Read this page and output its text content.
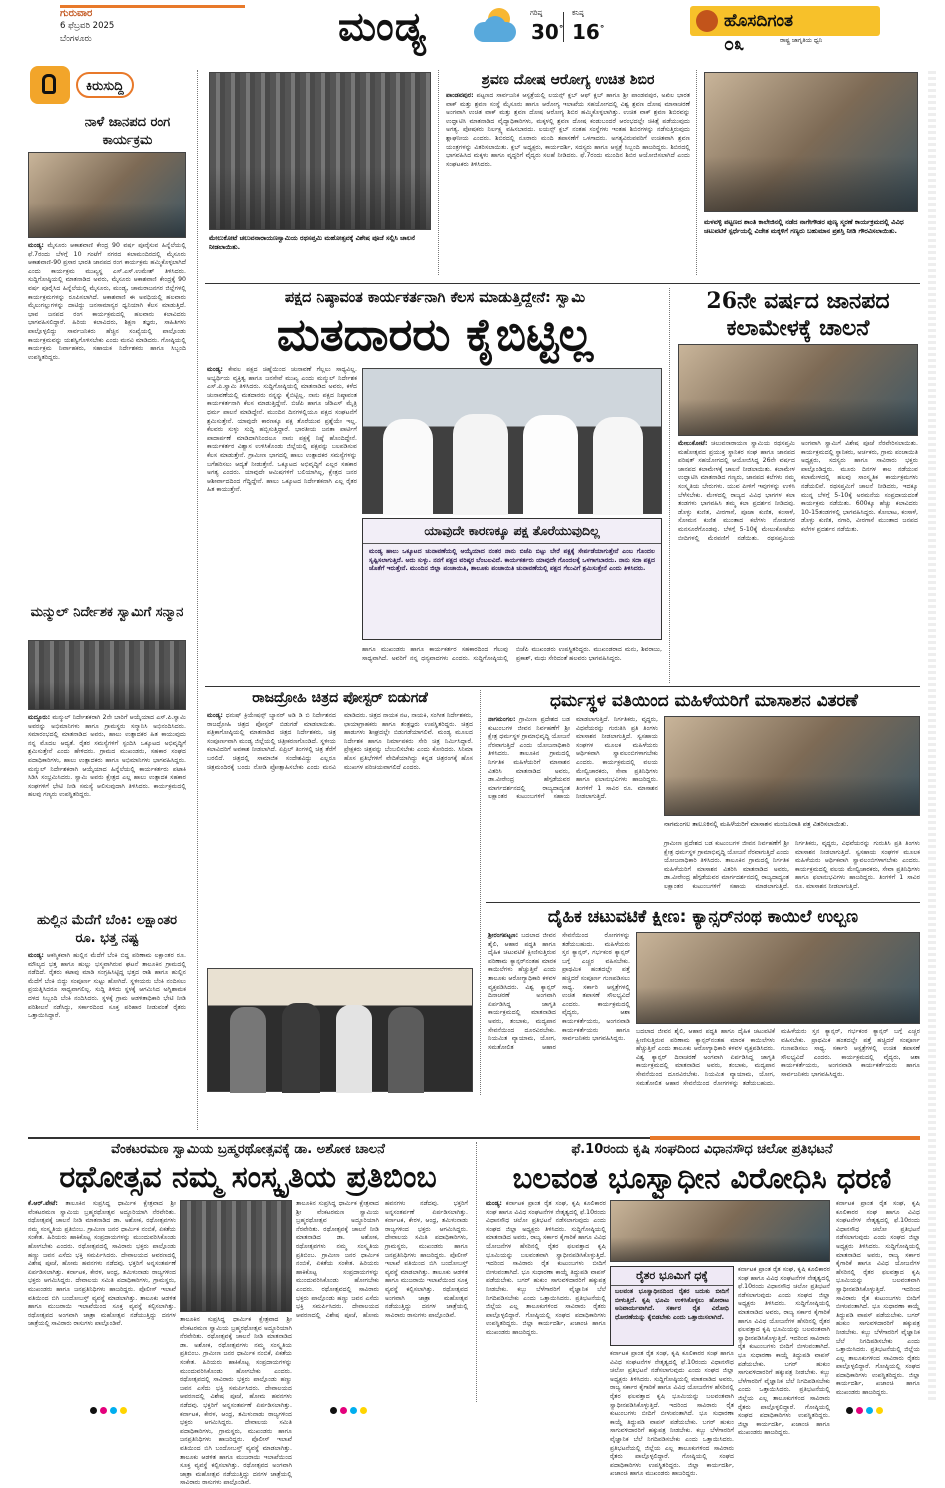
ಗುರುವಾರ
6 ಫೆಬ್ರವರಿ 2025
ಬೆಂಗಳೂರು	ಮಂಡ್ಯ	ಗರಿಷ್ಠ
30°
ಕನಿಷ್ಠ
16°	ಹೊಸದಿಗಂತ
ರಾಷ್ಟ್ರ ಜಾಗೃತಿಯ ಧ್ವನಿ
೦೩
ಕಿರುಸುದ್ದಿ
ನಾಳೆ ಜಾನಪದ ರಂಗ ಕಾರ್ಯಕ್ರಮ
ಮಂಡ್ಯ: ಮೈಸೂರು ಆಕಾಶವಾಣಿ ಕೇಂದ್ರ 90 ವರ್ಷ ಪೂರೈಸುವ ಹಿನ್ನೆಲೆಯಲ್ಲಿ ಫೆ.7ರಂದು ಬೆಳಗ್ಗೆ 10 ಗಂಟೆಗೆ ನಗರದ ಕಲಾಮಂದಿರದಲ್ಲಿ ಮೈಸೂರು ಆಕಾಶವಾಣಿ-90 ಪ್ರಸಾರ ಭಾರತಿ ಜಾನಪದ ರಂಗ ಕಾರ್ಯಕ್ರಮ ಹಮ್ಮಿಕೊಳ್ಳಲಾಗಿದೆ ಎಂದು ಕಾರ್ಯಕ್ರಮ ಮುಖ್ಯಸ್ಥ ಎಸ್.ಎಸ್.ಉಮೇಶ್ ತಿಳಿಸಿದರು. ಸುದ್ದಿಗೋಷ್ಠಿಯಲ್ಲಿ ಮಾತನಾಡಿದ ಅವರು, ಮೈಸೂರು ಆಕಾಶವಾಣಿ ಕೇಂದ್ರಕ್ಕೆ 90 ವರ್ಷ ಪೂರೈಸಿದ ಹಿನ್ನೆಲೆಯಲ್ಲಿ ಮೈಸೂರು, ಮಂಡ್ಯ, ಚಾಮರಾಜನಗರ ಜಿಲ್ಲೆಗಳಲ್ಲಿ ಕಾರ್ಯಕ್ರಮಗಳನ್ನು ರೂಪಿಸಲಾಗಿದೆ. ಆಕಾಶವಾಣಿ ಈ ಅವಧಿಯಲ್ಲಿ ಹಲವಾರು ಮೈಲುಗಲ್ಲುಗಳನ್ನು ದಾಟಿದ್ದು ಜನಸಾಮಾನ್ಯರ ಧ್ವನಿಯಾಗಿ ಕೆಲಸ ಮಾಡುತ್ತಿದೆ. ಭಾವ ಜನಪದ ರಂಗ ಕಾರ್ಯಕ್ರಮದಲ್ಲಿ ಹಲವಾರು ಕಲಾವಿದರು ಭಾಗವಹಿಸಲಿದ್ದಾರೆ. ಹಿರಿಯ ಕಲಾವಿದರು, ಶಿಕ್ಷಣ ತಜ್ಞರು, ಸಾಹಿತಿಗಳು ಪಾಲ್ಗೊಳ್ಳಲಿದ್ದು ಸಾರ್ವಜನಿಕರು ಹೆಚ್ಚಿನ ಸಂಖ್ಯೆಯಲ್ಲಿ ಪಾಲ್ಗೊಂಡು ಕಾರ್ಯಕ್ರಮವನ್ನು ಯಶಸ್ವಿಗೊಳಿಸಬೇಕು ಎಂದು ಮನವಿ ಮಾಡಿದರು. ಗೋಷ್ಠಿಯಲ್ಲಿ ಕಾರ್ಯಕ್ರಮ ನಿರ್ವಾಹಕರು, ಸಹಾಯಕ ನಿರ್ದೇಶಕರು ಹಾಗೂ ಸಿಬ್ಬಂದಿ ಉಪಸ್ಥಿತರಿದ್ದರು.
ಮನ್ಮುಲ್ ನಿರ್ದೇಶಕ ಸ್ವಾಮಿಗೆ ಸನ್ಮಾನ
ಮದ್ದೂರು: ಮನ್ಮುಲ್ ನಿರ್ದೇಶಕರಾಗಿ 2ನೇ ಬಾರಿಗೆ ಆಯ್ಕೆಯಾದ ಎಸ್.ಪಿ.ಸ್ವಾಮಿ ಅವರನ್ನು ಅಭಿಮಾನಿಗಳು ಹಾಗೂ ಗ್ರಾಮಸ್ಥರು ಸನ್ಮಾನಿಸಿ ಅಭಿನಂದಿಸಿದರು. ಸಮಾರಂಭದಲ್ಲಿ ಮಾತನಾಡಿದ ಅವರು, ಹಾಲು ಉತ್ಪಾದಕರ ಹಿತ ಕಾಯುವುದು ನನ್ನ ಮೊದಲ ಆದ್ಯತೆ. ರೈತರ ಸಮಸ್ಯೆಗಳಿಗೆ ಸ್ಪಂದಿಸಿ ಒಕ್ಕೂಟದ ಅಭಿವೃದ್ಧಿಗೆ ಶ್ರಮಿಸುತ್ತೇನೆ ಎಂದು ಹೇಳಿದರು. ಗ್ರಾಮದ ಮುಖಂಡರು, ಸಹಕಾರ ಸಂಘದ ಪದಾಧಿಕಾರಿಗಳು, ಹಾಲು ಉತ್ಪಾದಕರು ಹಾಗೂ ಅಭಿಮಾನಿಗಳು ಭಾಗವಹಿಸಿದ್ದರು. ಮನ್ಮುಲ್ ನಿರ್ದೇಶಕರಾಗಿ ಆಯ್ಕೆಯಾದ ಹಿನ್ನೆಲೆಯಲ್ಲಿ ಕಾರ್ಯಕರ್ತರು ಪಟಾಕಿ ಸಿಡಿಸಿ ಸಂಭ್ರಮಿಸಿದರು. ಸ್ವಾಮಿ ಅವರು ಕ್ಷೇತ್ರದ ಎಲ್ಲ ಹಾಲು ಉತ್ಪಾದಕ ಸಹಕಾರ ಸಂಘಗಳಿಗೆ ಭೇಟಿ ನೀಡಿ ಸಮಸ್ಯೆ ಆಲಿಸುವುದಾಗಿ ತಿಳಿಸಿದರು. ಕಾರ್ಯಕ್ರಮದಲ್ಲಿ ಹಲವು ಗಣ್ಯರು ಉಪಸ್ಥಿತರಿದ್ದರು.
ಹುಲ್ಲಿನ ಮೆದೆಗೆ ಬೆಂಕಿ: ಲಕ್ಷಾಂತರ ರೂ. ಭತ್ತ ನಷ್ಟ
ಮಂಡ್ಯ: ಆಕಸ್ಮಿಕವಾಗಿ ಹುಲ್ಲಿನ ಮೆದೆಗೆ ಬೆಂಕಿ ಬಿದ್ದ ಪರಿಣಾಮ ಲಕ್ಷಾಂತರ ರೂ. ಮೌಲ್ಯದ ಭತ್ತ ಹಾಗೂ ಹುಲ್ಲು ಭಸ್ಮವಾಗಿರುವ ಘಟನೆ ತಾಲೂಕಿನ ಗ್ರಾಮದಲ್ಲಿ ನಡೆದಿದೆ. ರೈತರು ಕಟಾವು ಮಾಡಿ ಸಂಗ್ರಹಿಸಿಟ್ಟಿದ್ದ ಭತ್ತದ ರಾಶಿ ಹಾಗೂ ಹುಲ್ಲಿನ ಮೆದೆಗೆ ಬೆಂಕಿ ಬಿದ್ದು ಸಂಪೂರ್ಣ ಸುಟ್ಟು ಹೋಗಿದೆ. ಸ್ಥಳೀಯರು ಬೆಂಕಿ ನಂದಿಸಲು ಪ್ರಯತ್ನಿಸಿದರೂ ಸಾಧ್ಯವಾಗಲಿಲ್ಲ. ಸುದ್ದಿ ತಿಳಿದು ಸ್ಥಳಕ್ಕೆ ಆಗಮಿಸಿದ ಅಗ್ನಿಶಾಮಕ ದಳದ ಸಿಬ್ಬಂದಿ ಬೆಂಕಿ ನಂದಿಸಿದರು. ಸ್ಥಳಕ್ಕೆ ಗ್ರಾಮ ಆಡಳಿತಾಧಿಕಾರಿ ಭೇಟಿ ನೀಡಿ ಪರಿಶೀಲನೆ ನಡೆಸಿದ್ದು, ಸರ್ಕಾರದಿಂದ ಸೂಕ್ತ ಪರಿಹಾರ ನೀಡುವಂತೆ ರೈತರು ಒತ್ತಾಯಿಸಿದ್ದಾರೆ.
ಮೇಲುಕೋಟೆ ಚಲುವನಾರಾಯಣಸ್ವಾಮಿಯ ರಥಸಪ್ತಮಿ ಮಹೋತ್ಸವಕ್ಕೆ ವಿಶೇಷ ಪೂಜೆ ಸಲ್ಲಿಸಿ ಚಾಲನೆ ನೀಡಲಾಯಿತು.
ಶ್ರವಣ ದೋಷ ಆರೋಗ್ಯ ಉಚಿತ ಶಿಬಿರ
ಪಾಂಡವಪುರ: ಪಟ್ಟಣದ ಸಾರ್ವಜನಿಕ ಆಸ್ಪತ್ರೆಯಲ್ಲಿ ಲಯನ್ಸ್ ಕ್ಲಬ್ ಆಫ್ ಕ್ಲಬ್ ಹಾಗೂ ಶ್ರೀ ಪಾಂಡವಪುರ, ಅಖಿಲ ಭಾರತ ವಾಕ್ ಮತ್ತು ಶ್ರವಣ ಸಂಸ್ಥೆ ಮೈಸೂರು ಹಾಗೂ ಆರೋಗ್ಯ ಇಲಾಖೆಯ ಸಹಯೋಗದಲ್ಲಿ ವಿಶ್ವ ಶ್ರವಣ ದೋಷ ಮಾಸಾಚರಣೆ ಅಂಗವಾಗಿ ಉಚಿತ ವಾಕ್ ಮತ್ತು ಶ್ರವಣ ದೋಷ ಆರೋಗ್ಯ ಶಿಬಿರ ಹಮ್ಮಿಕೊಳ್ಳಲಾಗಿತ್ತು. ಉಚಿತ ವಾಕ್ ಶ್ರವಣ ಶಿಬಿರವನ್ನು ಉದ್ಘಾಟಿಸಿ ಮಾತನಾಡಿದ ವೈದ್ಯಾಧಿಕಾರಿಗಳು, ಮಕ್ಕಳಲ್ಲಿ ಶ್ರವಣ ದೋಷ ಕಂಡುಬಂದರೆ ಆರಂಭದಲ್ಲೇ ಚಿಕಿತ್ಸೆ ಪಡೆಯುವುದು ಅಗತ್ಯ. ಪೋಷಕರು ನಿರ್ಲಕ್ಷ್ಯ ವಹಿಸಬಾರದು. ಲಯನ್ಸ್ ಕ್ಲಬ್ ನಂತಹ ಸಂಸ್ಥೆಗಳು ಇಂತಹ ಶಿಬಿರಗಳನ್ನು ನಡೆಸುತ್ತಿರುವುದು ಶ್ಲಾಘನೀಯ ಎಂದರು. ಶಿಬಿರದಲ್ಲಿ ನೂರಾರು ಮಂದಿ ತಪಾಸಣೆಗೆ ಒಳಗಾದರು. ಅಗತ್ಯವಿರುವವರಿಗೆ ಉಚಿತವಾಗಿ ಶ್ರವಣ ಯಂತ್ರಗಳನ್ನು ವಿತರಿಸಲಾಯಿತು. ಕ್ಲಬ್ ಅಧ್ಯಕ್ಷರು, ಕಾರ್ಯದರ್ಶಿ, ಸದಸ್ಯರು ಹಾಗೂ ಆಸ್ಪತ್ರೆ ಸಿಬ್ಬಂದಿ ಹಾಜರಿದ್ದರು. ಶಿಬಿರದಲ್ಲಿ ಭಾಗವಹಿಸಿದ ಮಕ್ಕಳು ಹಾಗೂ ವೃದ್ಧರಿಗೆ ವೈದ್ಯರು ಸಲಹೆ ನೀಡಿದರು. ಫೆ.7ರಂದು ಮುಂದಿನ ಶಿಬಿರ ಆಯೋಜಿಸಲಾಗಿದೆ ಎಂದು ಸಂಘಟಕರು ತಿಳಿಸಿದರು.
ಮಳವಳ್ಳಿ ಪಟ್ಟಣದ ಶಾಂತಿ ಕಾಲೇಜಿನಲ್ಲಿ ನಡೆದ ನಾಗೇಗೌಡರ ಪುಣ್ಯ ಸ್ಮರಣೆ ಕಾರ್ಯಕ್ರಮದಲ್ಲಿ ವಿವಿಧ ಚಟುವಟಿಕೆ ಸ್ಪರ್ಧೆಯಲ್ಲಿ ವಿಜೇತ ಮಕ್ಕಳಿಗೆ ಗಣ್ಯರು ಬಹುಮಾನ ಪ್ರಶಸ್ತಿ ನೀಡಿ ಗೌರವಿಸಲಾಯಿತು.
ಪಕ್ಷದ ನಿಷ್ಠಾವಂತ ಕಾರ್ಯಕರ್ತನಾಗಿ ಕೆಲಸ ಮಾಡುತ್ತಿದ್ದೇನೆ: ಸ್ವಾಮಿ
ಮತದಾರರು ಕೈಬಿಟ್ಟಿಲ್ಲ
ಮಂಡ್ಯ: ಕೇವಲ ಪಕ್ಷದ ಚಿಹ್ನೆಯಿಂದ ಚುನಾವಣೆ ಗೆಲ್ಲಲು ಸಾಧ್ಯವಿಲ್ಲ. ಅಭ್ಯರ್ಥಿಯ ವ್ಯಕ್ತಿತ್ವ ಹಾಗೂ ಜನಸೇವೆ ಮುಖ್ಯ ಎಂದು ಮನ್ಮುಲ್ ನಿರ್ದೇಶಕ ಎಸ್.ಪಿ.ಸ್ವಾಮಿ ತಿಳಿಸಿದರು. ಸುದ್ದಿಗೋಷ್ಠಿಯಲ್ಲಿ ಮಾತನಾಡಿದ ಅವರು, ಕಳೆದ ಚುನಾವಣೆಯಲ್ಲಿ ಮತದಾರರು ನನ್ನನ್ನು ಕೈಬಿಟ್ಟಿಲ್ಲ. ನಾನು ಪಕ್ಷದ ನಿಷ್ಠಾವಂತ ಕಾರ್ಯಕರ್ತನಾಗಿ ಕೆಲಸ ಮಾಡುತ್ತಿದ್ದೇನೆ. ಬಿಜೆಪಿ ಹಾಗೂ ಜೆಡಿಎಸ್ ಮೈತ್ರಿ ಧರ್ಮ ಪಾಲನೆ ಮಾಡಿದ್ದೇನೆ. ಮುಂದಿನ ದಿನಗಳಲ್ಲಿಯೂ ಪಕ್ಷದ ಸಂಘಟನೆಗೆ ಶ್ರಮಿಸುತ್ತೇನೆ. ಯಾವುದೇ ಕಾರಣಕ್ಕೂ ಪಕ್ಷ ತೊರೆಯುವ ಪ್ರಶ್ನೆಯೇ ಇಲ್ಲ. ಕೆಲವರು ಸುಳ್ಳು ಸುದ್ದಿ ಹಬ್ಬಿಸುತ್ತಿದ್ದಾರೆ. ಭಾರತೀಯ ಜನತಾ ಪಾರ್ಟಿಗೆ ಪಾದಾರ್ಪಣೆ ಮಾಡಿದಾಗಿನಿಂದಲೂ ನಾನು ಪಕ್ಷಕ್ಕೆ ನಿಷ್ಠೆ ಹೊಂದಿದ್ದೇನೆ. ಕಾರ್ಯಕರ್ತರ ವಿಶ್ವಾಸ ಉಳಿಸಿಕೊಂಡು ಜಿಲ್ಲೆಯಲ್ಲಿ ಪಕ್ಷವನ್ನು ಬಲಪಡಿಸುವ ಕೆಲಸ ಮಾಡುತ್ತೇನೆ. ಗ್ರಾಮೀಣ ಭಾಗದಲ್ಲಿ ಹಾಲು ಉತ್ಪಾದಕರ ಸಮಸ್ಯೆಗಳನ್ನು ಬಗೆಹರಿಸಲು ಆದ್ಯತೆ ನೀಡುತ್ತೇನೆ. ಒಕ್ಕೂಟದ ಅಭಿವೃದ್ಧಿಗೆ ಎಲ್ಲರ ಸಹಕಾರ ಅಗತ್ಯ ಎಂದರು. ಯಾವುದೇ ಆಮಿಷಗಳಿಗೆ ಬಲಿಯಾಗಿಲ್ಲ, ಕ್ಷೇತ್ರದ ಜನರ ಆಶೀರ್ವಾದದಿಂದ ಗೆದ್ದಿದ್ದೇನೆ. ಹಾಲು ಒಕ್ಕೂಟದ ನಿರ್ದೇಶಕನಾಗಿ ಎಲ್ಲ ರೈತರ ಹಿತ ಕಾಯುತ್ತೇನೆ.
ಯಾವುದೇ ಕಾರಣಕ್ಕೂ ಪಕ್ಷ ತೊರೆಯುವುದಿಲ್ಲ
ಮಂಡ್ಯ ಹಾಲು ಒಕ್ಕೂಟದ ಚುನಾವಣೆಯಲ್ಲಿ ಆಯ್ಕೆಯಾದ ನಂತರ ನಾನು ಬಿಜೆಪಿ ಬಿಟ್ಟು ಬೇರೆ ಪಕ್ಷಕ್ಕೆ ಸೇರ್ಪಡೆಯಾಗುತ್ತೇನೆ ಎಂಬ ಗೊಂದಲ ಸೃಷ್ಟಿಸಲಾಗುತ್ತಿದೆ. ಅದು ಸುಳ್ಳು. ನನಗೆ ಪಕ್ಷದ ವರಿಷ್ಠರ ಬೆಂಬಲವಿದೆ. ಕಾರ್ಯಕರ್ತರು ಯಾವುದೇ ಗೊಂದಲಕ್ಕೆ ಒಳಗಾಗಬಾರದು. ನಾನು ಸದಾ ಪಕ್ಷದ ಜೊತೆಗೆ ಇರುತ್ತೇನೆ. ಮುಂದಿನ ಜಿಲ್ಲಾ ಪಂಚಾಯಿತಿ, ತಾಲೂಕು ಪಂಚಾಯಿತಿ ಚುನಾವಣೆಯಲ್ಲಿ ಪಕ್ಷದ ಗೆಲುವಿಗೆ ಶ್ರಮಿಸುತ್ತೇನೆ ಎಂದು ತಿಳಿಸಿದರು.
ಹಾಗೂ ಮುಖಂಡರು ಹಾಗೂ ಕಾರ್ಯಕರ್ತರ ಸಹಕಾರದಿಂದ ಗೆಲುವು ಸಾಧ್ಯವಾಗಿದೆ. ಅವರಿಗೆ ನನ್ನ ಧನ್ಯವಾದಗಳು ಎಂದರು. ಸುದ್ದಿಗೋಷ್ಠಿಯಲ್ಲಿ ಬಿಜೆಪಿ ಮುಖಂಡರು ಉಪಸ್ಥಿತರಿದ್ದರು. ಮುಖಂಡರಾದ ಮನು, ಶಿವರಾಜು, ಪ್ರಕಾಶ್, ಮಧು ಸೇರಿದಂತೆ ಹಲವರು ಭಾಗವಹಿಸಿದ್ದರು.
26ನೇ ವರ್ಷದ ಜಾನಪದ ಕಲಾಮೇಳಕ್ಕೆ ಚಾಲನೆ
ಮೇಲುಕೋಟೆ: ಚಲುವನಾರಾಯಣ ಸ್ವಾಮಿಯ ರಥಸಪ್ತಮಿ ಮಹೋತ್ಸವದ ಪ್ರಯುಕ್ತ ಸ್ಥಾನಿಕರ ಸಂಘ ಹಾಗೂ ಜಾನಪದ ಪರಿಷತ್ ಸಹಯೋಗದಲ್ಲಿ ಆಯೋಜಿಸಿದ್ದ 26ನೇ ವರ್ಷದ ಜಾನಪದ ಕಲಾಮೇಳಕ್ಕೆ ಚಾಲನೆ ನೀಡಲಾಯಿತು. ಕಲಾಮೇಳ ಉದ್ಘಾಟಿಸಿ ಮಾತನಾಡಿದ ಗಣ್ಯರು, ಜಾನಪದ ಕಲೆಗಳು ನಮ್ಮ ಸಂಸ್ಕೃತಿಯ ಬೇರುಗಳು. ಯುವ ಪೀಳಿಗೆ ಇವುಗಳನ್ನು ಉಳಿಸಿ ಬೆಳೆಸಬೇಕು. ಮೇಳದಲ್ಲಿ ರಾಜ್ಯದ ವಿವಿಧ ಭಾಗಗಳ ಕಲಾ ತಂಡಗಳು ಭಾಗವಹಿಸಿ ತಮ್ಮ ಕಲಾ ಪ್ರದರ್ಶನ ನೀಡಿದವು. ಡೊಳ್ಳು ಕುಣಿತ, ವೀರಗಾಸೆ, ಪೂಜಾ ಕುಣಿತ, ಕಂಸಾಳೆ, ಸೋಮನ ಕುಣಿತ ಮುಂತಾದ ಕಲೆಗಳು ನೋಡುಗರ ಮನಸೂರೆಗೊಂಡವು. ಬೆಳಗ್ಗೆ 5-10ಕ್ಕೆ ಮೇಲುಕೋಟೆಯ ಬೀದಿಗಳಲ್ಲಿ ಮೆರವಣಿಗೆ ನಡೆಯಿತು. ರಥಸಪ್ತಮಿಯ ಅಂಗವಾಗಿ ಸ್ವಾಮಿಗೆ ವಿಶೇಷ ಪೂಜೆ ನೆರವೇರಿಸಲಾಯಿತು. ಕಾರ್ಯಕ್ರಮದಲ್ಲಿ ಸ್ಥಾನಿಕರು, ಅರ್ಚಕರು, ಗ್ರಾಮ ಪಂಚಾಯಿತಿ ಅಧ್ಯಕ್ಷರು, ಸದಸ್ಯರು ಹಾಗೂ ಸಾವಿರಾರು ಭಕ್ತರು ಪಾಲ್ಗೊಂಡಿದ್ದರು. ಮೂರು ದಿನಗಳ ಕಾಲ ನಡೆಯುವ ಕಲಾಮೇಳದಲ್ಲಿ ಹಲವು ಸಾಂಸ್ಕೃತಿಕ ಕಾರ್ಯಕ್ರಮಗಳು ನಡೆಯಲಿವೆ. ರಥಸಪ್ತಮಿಗೆ ಚಾಲನೆ ನೀಡಿದರು, ಇದಕ್ಕೂ ಮುನ್ನ ಬೆಳಗ್ಗೆ 5-10ಕ್ಕೆ ಅರಮನೆಯ ಸಂಪ್ರದಾಯದಂತೆ ಕಾರ್ಯಕ್ರಮ ನಡೆಯಿತು. 600ಕ್ಕೂ ಹೆಚ್ಚು ಕಲಾವಿದರು 10-15ತಂಡಗಳಲ್ಲಿ ಭಾಗವಹಿಸಿದ್ದರು. ಕೋಲಾಟ, ಕಂಸಾಳೆ, ಡೊಳ್ಳು ಕುಣಿತ, ನಗಾರಿ, ವೀರಗಾಸೆ ಮುಂತಾದ ಜನಪದ ಕಲೆಗಳ ಪ್ರದರ್ಶನ ನಡೆಯಿತು.
ರಾಜದ್ರೋಹಿ ಚಿತ್ರದ ಪೋಸ್ಟರ್ ಬಿಡುಗಡೆ
ಮಂಡ್ಯ: ಧನುಷ್ ಕ್ರಿಯೇಷನ್ಸ್ ಬ್ಯಾನರ್ ಅಡಿ ಡಿ ಬಿ ನಿರ್ದೇಶನದ ರಾಜದ್ರೋಹಿ ಚಿತ್ರದ ಪೋಸ್ಟರ್ ಬಿಡುಗಡೆ ಮಾಡಲಾಯಿತು. ಪತ್ರಿಕಾಗೋಷ್ಠಿಯಲ್ಲಿ ಮಾತನಾಡಿದ ಚಿತ್ರದ ನಿರ್ದೇಶಕರು, ಚಿತ್ರ ಸಂಪೂರ್ಣವಾಗಿ ಮಂಡ್ಯ ಜಿಲ್ಲೆಯಲ್ಲಿ ಚಿತ್ರೀಕರಣಗೊಂಡಿದೆ. ಸ್ಥಳೀಯ ಕಲಾವಿದರಿಗೆ ಅವಕಾಶ ನೀಡಲಾಗಿದೆ. ಏಪ್ರಿಲ್ ತಿಂಗಳಲ್ಲಿ ಚಿತ್ರ ತೆರೆಗೆ ಬರಲಿದೆ. ಚಿತ್ರದಲ್ಲಿ ಸಾಮಾಜಿಕ ಸಂದೇಶವಿದ್ದು ಎಲ್ಲರೂ ಚಿತ್ರಮಂದಿರಕ್ಕೆ ಬಂದು ನೋಡಿ ಪ್ರೋತ್ಸಾಹಿಸಬೇಕು ಎಂದು ಮನವಿ ಮಾಡಿದರು. ಚಿತ್ರದ ನಾಯಕ ನಟ, ನಾಯಕಿ, ಸಂಗೀತ ನಿರ್ದೇಶಕರು, ಛಾಯಾಗ್ರಾಹಕರು ಹಾಗೂ ತಂತ್ರಜ್ಞರು ಉಪಸ್ಥಿತರಿದ್ದರು. ಚಿತ್ರದ ಹಾಡುಗಳು ಶೀಘ್ರದಲ್ಲೇ ಬಿಡುಗಡೆಯಾಗಲಿವೆ. ಮಂಡ್ಯ ಮೂಲದ ನಿರ್ದೇಶಕ ಹಾಗೂ ನಿರ್ಮಾಪಕರು ಸೇರಿ ಚಿತ್ರ ನಿರ್ಮಿಸಿದ್ದಾರೆ. ಪ್ರೇಕ್ಷಕರು ಚಿತ್ರವನ್ನು ಬೆಂಬಲಿಸಬೇಕು ಎಂದು ಕೋರಿದರು. ಸಿನಿಮಾ ಹೊಸ ಪ್ರತಿಭೆಗಳಿಗೆ ವೇದಿಕೆಯಾಗಿದ್ದು ಕನ್ನಡ ಚಿತ್ರರಂಗಕ್ಕೆ ಹೊಸ ಮುಖಗಳ ಪರಿಚಯವಾಗಲಿದೆ ಎಂದರು.
ಧರ್ಮಸ್ಥಳ ವತಿಯಿಂದ ಮಹಿಳೆಯರಿಗೆ ಮಾಸಾಶನ ವಿತರಣೆ
ನಾಗಮಂಗಲ: ಗ್ರಾಮೀಣ ಪ್ರದೇಶದ ಬಡ ಕುಟುಂಬಗಳ ಜೀವನ ನಿರ್ವಹಣೆಗೆ ಶ್ರೀ ಕ್ಷೇತ್ರ ಧರ್ಮಸ್ಥಳ ಗ್ರಾಮಾಭಿವೃದ್ಧಿ ಯೋಜನೆ ನೆರವಾಗುತ್ತಿದೆ ಎಂದು ಯೋಜನಾಧಿಕಾರಿ ತಿಳಿಸಿದರು. ತಾಲೂಕಿನ ಗ್ರಾಮದಲ್ಲಿ ನಿರ್ಗತಿಕ ಮಹಿಳೆಯರಿಗೆ ಮಾಸಾಶನ ವಿತರಿಸಿ ಮಾತನಾಡಿದ ಅವರು, ಡಾ.ವೀರೇಂದ್ರ ಹೆಗ್ಗಡೆಯವರ ಮಾರ್ಗದರ್ಶನದಲ್ಲಿ ರಾಜ್ಯದಾದ್ಯಂತ ಲಕ್ಷಾಂತರ ಕುಟುಂಬಗಳಿಗೆ ಸಹಾಯ ಮಾಡಲಾಗುತ್ತಿದೆ. ನಿರ್ಗತಿಕರು, ವೃದ್ಧರು, ವಿಧವೆಯರನ್ನು ಗುರುತಿಸಿ ಪ್ರತಿ ತಿಂಗಳು ಮಾಸಾಶನ ನೀಡಲಾಗುತ್ತಿದೆ. ಸ್ವಸಹಾಯ ಸಂಘಗಳ ಮೂಲಕ ಮಹಿಳೆಯರು ಆರ್ಥಿಕವಾಗಿ ಸ್ವಾವಲಂಬಿಗಳಾಗಬೇಕು ಎಂದರು. ಕಾರ್ಯಕ್ರಮದಲ್ಲಿ ವಲಯ ಮೇಲ್ವಿಚಾರಕರು, ಸೇವಾ ಪ್ರತಿನಿಧಿಗಳು ಹಾಗೂ ಫಲಾನುಭವಿಗಳು ಹಾಜರಿದ್ದರು. ತಿಂಗಳಿಗೆ 1 ಸಾವಿರ ರೂ. ಮಾಸಾಶನ ನೀಡಲಾಗುತ್ತಿದೆ.
ನಾಗಮಂಗಲ ತಾಲೂಕಿನಲ್ಲಿ ಮಹಿಳೆಯರಿಗೆ ಮಾಸಾಶನ ಮಂಜೂರಾತಿ ಪತ್ರ ವಿತರಿಸಲಾಯಿತು.
ಗ್ರಾಮೀಣ ಪ್ರದೇಶದ ಬಡ ಕುಟುಂಬಗಳ ಜೀವನ ನಿರ್ವಹಣೆಗೆ ಶ್ರೀ ಕ್ಷೇತ್ರ ಧರ್ಮಸ್ಥಳ ಗ್ರಾಮಾಭಿವೃದ್ಧಿ ಯೋಜನೆ ನೆರವಾಗುತ್ತಿದೆ ಎಂದು ಯೋಜನಾಧಿಕಾರಿ ತಿಳಿಸಿದರು. ತಾಲೂಕಿನ ಗ್ರಾಮದಲ್ಲಿ ನಿರ್ಗತಿಕ ಮಹಿಳೆಯರಿಗೆ ಮಾಸಾಶನ ವಿತರಿಸಿ ಮಾತನಾಡಿದ ಅವರು, ಡಾ.ವೀರೇಂದ್ರ ಹೆಗ್ಗಡೆಯವರ ಮಾರ್ಗದರ್ಶನದಲ್ಲಿ ರಾಜ್ಯದಾದ್ಯಂತ ಲಕ್ಷಾಂತರ ಕುಟುಂಬಗಳಿಗೆ ಸಹಾಯ ಮಾಡಲಾಗುತ್ತಿದೆ. ನಿರ್ಗತಿಕರು, ವೃದ್ಧರು, ವಿಧವೆಯರನ್ನು ಗುರುತಿಸಿ ಪ್ರತಿ ತಿಂಗಳು ಮಾಸಾಶನ ನೀಡಲಾಗುತ್ತಿದೆ. ಸ್ವಸಹಾಯ ಸಂಘಗಳ ಮೂಲಕ ಮಹಿಳೆಯರು ಆರ್ಥಿಕವಾಗಿ ಸ್ವಾವಲಂಬಿಗಳಾಗಬೇಕು ಎಂದರು. ಕಾರ್ಯಕ್ರಮದಲ್ಲಿ ವಲಯ ಮೇಲ್ವಿಚಾರಕರು, ಸೇವಾ ಪ್ರತಿನಿಧಿಗಳು ಹಾಗೂ ಫಲಾನುಭವಿಗಳು ಹಾಜರಿದ್ದರು. ತಿಂಗಳಿಗೆ 1 ಸಾವಿರ ರೂ. ಮಾಸಾಶನ ನೀಡಲಾಗುತ್ತಿದೆ.
ದೈಹಿಕ ಚಟುವಟಿಕೆ ಕ್ಷೀಣ: ಕ್ಯಾನ್ಸರ್‌ನಂಥ ಕಾಯಿಲೆ ಉಲ್ಬಣ
ಶ್ರೀರಂಗಪಟ್ಟಣ: ಬದಲಾದ ಜೀವನ ಶೈಲಿ, ಆಹಾರ ಪದ್ಧತಿ ಹಾಗೂ ದೈಹಿಕ ಚಟುವಟಿಕೆ ಕ್ಷೀಣಿಸುತ್ತಿರುವ ಪರಿಣಾಮ ಕ್ಯಾನ್ಸರ್‌ನಂತಹ ಮಾರಕ ಕಾಯಿಲೆಗಳು ಹೆಚ್ಚುತ್ತಿವೆ ಎಂದು ತಾಲೂಕು ಆರೋಗ್ಯಾಧಿಕಾರಿ ಕಳವಳ ವ್ಯಕ್ತಪಡಿಸಿದರು. ವಿಶ್ವ ಕ್ಯಾನ್ಸರ್ ದಿನಾಚರಣೆ ಅಂಗವಾಗಿ ಏರ್ಪಡಿಸಿದ್ದ ಜಾಗೃತಿ ಕಾರ್ಯಕ್ರಮದಲ್ಲಿ ಮಾತನಾಡಿದ ಅವರು, ತಂಬಾಕು, ಮದ್ಯಪಾನ ಸೇವನೆಯಿಂದ ದೂರವಿರಬೇಕು. ನಿಯಮಿತ ವ್ಯಾಯಾಮ, ಯೋಗ, ಸಮತೋಲಿತ ಆಹಾರ ಸೇವನೆಯಿಂದ ರೋಗಗಳನ್ನು ತಡೆಯಬಹುದು. ಮಹಿಳೆಯರು ಸ್ತನ ಕ್ಯಾನ್ಸರ್, ಗರ್ಭಕಂಠ ಕ್ಯಾನ್ಸರ್ ಬಗ್ಗೆ ಎಚ್ಚರ ವಹಿಸಬೇಕು. ಪ್ರಾಥಮಿಕ ಹಂತದಲ್ಲೇ ಪತ್ತೆ ಹಚ್ಚಿದರೆ ಸಂಪೂರ್ಣ ಗುಣಪಡಿಸಲು ಸಾಧ್ಯ. ಸರ್ಕಾರಿ ಆಸ್ಪತ್ರೆಗಳಲ್ಲಿ ಉಚಿತ ತಪಾಸಣೆ ಸೌಲಭ್ಯವಿದೆ ಎಂದರು. ಕಾರ್ಯಕ್ರಮದಲ್ಲಿ ವೈದ್ಯರು, ಆಶಾ ಕಾರ್ಯಕರ್ತೆಯರು, ಅಂಗನವಾಡಿ ಕಾರ್ಯಕರ್ತೆಯರು ಹಾಗೂ ಸಾರ್ವಜನಿಕರು ಭಾಗವಹಿಸಿದ್ದರು.
ಬದಲಾದ ಜೀವನ ಶೈಲಿ, ಆಹಾರ ಪದ್ಧತಿ ಹಾಗೂ ದೈಹಿಕ ಚಟುವಟಿಕೆ ಕ್ಷೀಣಿಸುತ್ತಿರುವ ಪರಿಣಾಮ ಕ್ಯಾನ್ಸರ್‌ನಂತಹ ಮಾರಕ ಕಾಯಿಲೆಗಳು ಹೆಚ್ಚುತ್ತಿವೆ ಎಂದು ತಾಲೂಕು ಆರೋಗ್ಯಾಧಿಕಾರಿ ಕಳವಳ ವ್ಯಕ್ತಪಡಿಸಿದರು. ವಿಶ್ವ ಕ್ಯಾನ್ಸರ್ ದಿನಾಚರಣೆ ಅಂಗವಾಗಿ ಏರ್ಪಡಿಸಿದ್ದ ಜಾಗೃತಿ ಕಾರ್ಯಕ್ರಮದಲ್ಲಿ ಮಾತನಾಡಿದ ಅವರು, ತಂಬಾಕು, ಮದ್ಯಪಾನ ಸೇವನೆಯಿಂದ ದೂರವಿರಬೇಕು. ನಿಯಮಿತ ವ್ಯಾಯಾಮ, ಯೋಗ, ಸಮತೋಲಿತ ಆಹಾರ ಸೇವನೆಯಿಂದ ರೋಗಗಳನ್ನು ತಡೆಯಬಹುದು. ಮಹಿಳೆಯರು ಸ್ತನ ಕ್ಯಾನ್ಸರ್, ಗರ್ಭಕಂಠ ಕ್ಯಾನ್ಸರ್ ಬಗ್ಗೆ ಎಚ್ಚರ ವಹಿಸಬೇಕು. ಪ್ರಾಥಮಿಕ ಹಂತದಲ್ಲೇ ಪತ್ತೆ ಹಚ್ಚಿದರೆ ಸಂಪೂರ್ಣ ಗುಣಪಡಿಸಲು ಸಾಧ್ಯ. ಸರ್ಕಾರಿ ಆಸ್ಪತ್ರೆಗಳಲ್ಲಿ ಉಚಿತ ತಪಾಸಣೆ ಸೌಲಭ್ಯವಿದೆ ಎಂದರು. ಕಾರ್ಯಕ್ರಮದಲ್ಲಿ ವೈದ್ಯರು, ಆಶಾ ಕಾರ್ಯಕರ್ತೆಯರು, ಅಂಗನವಾಡಿ ಕಾರ್ಯಕರ್ತೆಯರು ಹಾಗೂ ಸಾರ್ವಜನಿಕರು ಭಾಗವಹಿಸಿದ್ದರು.
ವೆಂಕಟರಮಣ ಸ್ವಾಮಿಯ ಬ್ರಹ್ಮರಥೋತ್ಸವಕ್ಕೆ ಡಾ. ಅಶೋಕ ಚಾಲನೆ
ರಥೋತ್ಸವ ನಮ್ಮ ಸಂಸ್ಕೃತಿಯ ಪ್ರತಿಬಿಂಬ
ಕೆ.ಆರ್.ಪೇಟೆ: ತಾಲೂಕಿನ ಸುಪ್ರಸಿದ್ಧ ಧಾರ್ಮಿಕ ಕ್ಷೇತ್ರವಾದ ಶ್ರೀ ವೆಂಕಟರಮಣ ಸ್ವಾಮಿಯ ಬ್ರಹ್ಮರಥೋತ್ಸವ ಅದ್ಧೂರಿಯಾಗಿ ನೆರವೇರಿತು. ರಥೋತ್ಸವಕ್ಕೆ ಚಾಲನೆ ನೀಡಿ ಮಾತನಾಡಿದ ಡಾ. ಅಶೋಕ, ರಥೋತ್ಸವಗಳು ನಮ್ಮ ಸಂಸ್ಕೃತಿಯ ಪ್ರತಿಬಿಂಬ. ಗ್ರಾಮೀಣ ಜನರ ಧಾರ್ಮಿಕ ನಂಬಿಕೆ, ಏಕತೆಯ ಸಂಕೇತ. ಹಿರಿಯರು ಹಾಕಿಕೊಟ್ಟ ಸಂಪ್ರದಾಯಗಳನ್ನು ಮುಂದುವರಿಸಿಕೊಂಡು ಹೋಗಬೇಕು ಎಂದರು. ರಥೋತ್ಸವದಲ್ಲಿ ಸಾವಿರಾರು ಭಕ್ತರು ಪಾಲ್ಗೊಂಡು ಹಣ್ಣು ಜವನ ಎಸೆದು ಭಕ್ತಿ ಸಮರ್ಪಿಸಿದರು. ದೇವಾಲಯದ ಆವರಣದಲ್ಲಿ ವಿಶೇಷ ಪೂಜೆ, ಹೋಮ ಹವನಗಳು ನಡೆದವು. ಭಕ್ತರಿಗೆ ಅನ್ನಸಂತರ್ಪಣೆ ಏರ್ಪಡಿಸಲಾಗಿತ್ತು. ಕರ್ನಾಟಕ, ಕೇರಳ, ಆಂಧ್ರ, ತಮಿಳುನಾಡು ರಾಜ್ಯಗಳಿಂದ ಭಕ್ತರು ಆಗಮಿಸಿದ್ದರು. ದೇವಾಲಯ ಸಮಿತಿ ಪದಾಧಿಕಾರಿಗಳು, ಗ್ರಾಮಸ್ಥರು, ಮುಖಂಡರು ಹಾಗೂ ಜನಪ್ರತಿನಿಧಿಗಳು ಹಾಜರಿದ್ದರು. ಪೊಲೀಸ್ ಇಲಾಖೆ ವತಿಯಿಂದ ಬಿಗಿ ಬಂದೋಬಸ್ತ್ ವ್ಯವಸ್ಥೆ ಮಾಡಲಾಗಿತ್ತು. ತಾಲೂಕು ಆಡಳಿತ ಹಾಗೂ ಮುಜರಾಯಿ ಇಲಾಖೆಯಿಂದ ಸೂಕ್ತ ವ್ಯವಸ್ಥೆ ಕಲ್ಪಿಸಲಾಗಿತ್ತು. ರಥೋತ್ಸವದ ಅಂಗವಾಗಿ ಜಾತ್ರಾ ಮಹೋತ್ಸವ ನಡೆಯುತ್ತಿದ್ದು ದನಗಳ ಜಾತ್ರೆಯಲ್ಲಿ ಸಾವಿರಾರು ರಾಸುಗಳು ಪಾಲ್ಗೊಂಡಿವೆ.
ತಾಲೂಕಿನ ಸುಪ್ರಸಿದ್ಧ ಧಾರ್ಮಿಕ ಕ್ಷೇತ್ರವಾದ ಶ್ರೀ ವೆಂಕಟರಮಣ ಸ್ವಾಮಿಯ ಬ್ರಹ್ಮರಥೋತ್ಸವ ಅದ್ಧೂರಿಯಾಗಿ ನೆರವೇರಿತು. ರಥೋತ್ಸವಕ್ಕೆ ಚಾಲನೆ ನೀಡಿ ಮಾತನಾಡಿದ ಡಾ. ಅಶೋಕ, ರಥೋತ್ಸವಗಳು ನಮ್ಮ ಸಂಸ್ಕೃತಿಯ ಪ್ರತಿಬಿಂಬ. ಗ್ರಾಮೀಣ ಜನರ ಧಾರ್ಮಿಕ ನಂಬಿಕೆ, ಏಕತೆಯ ಸಂಕೇತ. ಹಿರಿಯರು ಹಾಕಿಕೊಟ್ಟ ಸಂಪ್ರದಾಯಗಳನ್ನು ಮುಂದುವರಿಸಿಕೊಂಡು ಹೋಗಬೇಕು ಎಂದರು. ರಥೋತ್ಸವದಲ್ಲಿ ಸಾವಿರಾರು ಭಕ್ತರು ಪಾಲ್ಗೊಂಡು ಹಣ್ಣು ಜವನ ಎಸೆದು ಭಕ್ತಿ ಸಮರ್ಪಿಸಿದರು. ದೇವಾಲಯದ ಆವರಣದಲ್ಲಿ ವಿಶೇಷ ಪೂಜೆ, ಹೋಮ ಹವನಗಳು ನಡೆದವು. ಭಕ್ತರಿಗೆ ಅನ್ನಸಂತರ್ಪಣೆ ಏರ್ಪಡಿಸಲಾಗಿತ್ತು. ಕರ್ನಾಟಕ, ಕೇರಳ, ಆಂಧ್ರ, ತಮಿಳುನಾಡು ರಾಜ್ಯಗಳಿಂದ ಭಕ್ತರು ಆಗಮಿಸಿದ್ದರು. ದೇವಾಲಯ ಸಮಿತಿ ಪದಾಧಿಕಾರಿಗಳು, ಗ್ರಾಮಸ್ಥರು, ಮುಖಂಡರು ಹಾಗೂ ಜನಪ್ರತಿನಿಧಿಗಳು ಹಾಜರಿದ್ದರು. ಪೊಲೀಸ್ ಇಲಾಖೆ ವತಿಯಿಂದ ಬಿಗಿ ಬಂದೋಬಸ್ತ್ ವ್ಯವಸ್ಥೆ ಮಾಡಲಾಗಿತ್ತು. ತಾಲೂಕು ಆಡಳಿತ ಹಾಗೂ ಮುಜರಾಯಿ ಇಲಾಖೆಯಿಂದ ಸೂಕ್ತ ವ್ಯವಸ್ಥೆ ಕಲ್ಪಿಸಲಾಗಿತ್ತು. ರಥೋತ್ಸವದ ಅಂಗವಾಗಿ ಜಾತ್ರಾ ಮಹೋತ್ಸವ ನಡೆಯುತ್ತಿದ್ದು ದನಗಳ ಜಾತ್ರೆಯಲ್ಲಿ ಸಾವಿರಾರು ರಾಸುಗಳು ಪಾಲ್ಗೊಂಡಿವೆ.
ತಾಲೂಕಿನ ಸುಪ್ರಸಿದ್ಧ ಧಾರ್ಮಿಕ ಕ್ಷೇತ್ರವಾದ ಶ್ರೀ ವೆಂಕಟರಮಣ ಸ್ವಾಮಿಯ ಬ್ರಹ್ಮರಥೋತ್ಸವ ಅದ್ಧೂರಿಯಾಗಿ ನೆರವೇರಿತು. ರಥೋತ್ಸವಕ್ಕೆ ಚಾಲನೆ ನೀಡಿ ಮಾತನಾಡಿದ ಡಾ. ಅಶೋಕ, ರಥೋತ್ಸವಗಳು ನಮ್ಮ ಸಂಸ್ಕೃತಿಯ ಪ್ರತಿಬಿಂಬ. ಗ್ರಾಮೀಣ ಜನರ ಧಾರ್ಮಿಕ ನಂಬಿಕೆ, ಏಕತೆಯ ಸಂಕೇತ. ಹಿರಿಯರು ಹಾಕಿಕೊಟ್ಟ ಸಂಪ್ರದಾಯಗಳನ್ನು ಮುಂದುವರಿಸಿಕೊಂಡು ಹೋಗಬೇಕು ಎಂದರು. ರಥೋತ್ಸವದಲ್ಲಿ ಸಾವಿರಾರು ಭಕ್ತರು ಪಾಲ್ಗೊಂಡು ಹಣ್ಣು ಜವನ ಎಸೆದು ಭಕ್ತಿ ಸಮರ್ಪಿಸಿದರು. ದೇವಾಲಯದ ಆವರಣದಲ್ಲಿ ವಿಶೇಷ ಪೂಜೆ, ಹೋಮ ಹವನಗಳು ನಡೆದವು. ಭಕ್ತರಿಗೆ ಅನ್ನಸಂತರ್ಪಣೆ ಏರ್ಪಡಿಸಲಾಗಿತ್ತು. ಕರ್ನಾಟಕ, ಕೇರಳ, ಆಂಧ್ರ, ತಮಿಳುನಾಡು ರಾಜ್ಯಗಳಿಂದ ಭಕ್ತರು ಆಗಮಿಸಿದ್ದರು. ದೇವಾಲಯ ಸಮಿತಿ ಪದಾಧಿಕಾರಿಗಳು, ಗ್ರಾಮಸ್ಥರು, ಮುಖಂಡರು ಹಾಗೂ ಜನಪ್ರತಿನಿಧಿಗಳು ಹಾಜರಿದ್ದರು. ಪೊಲೀಸ್ ಇಲಾಖೆ ವತಿಯಿಂದ ಬಿಗಿ ಬಂದೋಬಸ್ತ್ ವ್ಯವಸ್ಥೆ ಮಾಡಲಾಗಿತ್ತು. ತಾಲೂಕು ಆಡಳಿತ ಹಾಗೂ ಮುಜರಾಯಿ ಇಲಾಖೆಯಿಂದ ಸೂಕ್ತ ವ್ಯವಸ್ಥೆ ಕಲ್ಪಿಸಲಾಗಿತ್ತು. ರಥೋತ್ಸವದ ಅಂಗವಾಗಿ ಜಾತ್ರಾ ಮಹೋತ್ಸವ ನಡೆಯುತ್ತಿದ್ದು ದನಗಳ ಜಾತ್ರೆಯಲ್ಲಿ ಸಾವಿರಾರು ರಾಸುಗಳು ಪಾಲ್ಗೊಂಡಿವೆ.
ಫೆ.10ರಂದು ಕೃಷಿ ಸಂಘದಿಂದ ವಿಧಾನಸೌಧ ಚಲೋ ಪ್ರತಿಭಟನೆ
ಬಲವಂತ ಭೂಸ್ವಾಧೀನ ವಿರೋಧಿಸಿ ಧರಣಿ
ಮಂಡ್ಯ: ಕರ್ನಾಟಕ ಪ್ರಾಂತ ರೈತ ಸಂಘ, ಕೃಷಿ ಕೂಲಿಕಾರರ ಸಂಘ ಹಾಗೂ ವಿವಿಧ ಸಂಘಟನೆಗಳ ನೇತೃತ್ವದಲ್ಲಿ ಫೆ.10ರಂದು ವಿಧಾನಸೌಧ ಚಲೋ ಪ್ರತಿಭಟನೆ ನಡೆಸಲಾಗುವುದು ಎಂದು ಸಂಘದ ಜಿಲ್ಲಾ ಅಧ್ಯಕ್ಷರು ತಿಳಿಸಿದರು. ಸುದ್ದಿಗೋಷ್ಠಿಯಲ್ಲಿ ಮಾತನಾಡಿದ ಅವರು, ರಾಜ್ಯ ಸರ್ಕಾರ ಕೈಗಾರಿಕೆ ಹಾಗೂ ವಿವಿಧ ಯೋಜನೆಗಳ ಹೆಸರಿನಲ್ಲಿ ರೈತರ ಫಲವತ್ತಾದ ಕೃಷಿ ಭೂಮಿಯನ್ನು ಬಲವಂತವಾಗಿ ಸ್ವಾಧೀನಪಡಿಸಿಕೊಳ್ಳುತ್ತಿದೆ. ಇದರಿಂದ ಸಾವಿರಾರು ರೈತ ಕುಟುಂಬಗಳು ಬೀದಿಗೆ ಬೀಳುವಂತಾಗಿದೆ. ಭೂ ಸುಧಾರಣಾ ಕಾಯ್ದೆ ತಿದ್ದುಪಡಿ ವಾಪಸ್ ಪಡೆಯಬೇಕು. ಬಗರ್ ಹುಕುಂ ಸಾಗುವಳಿದಾರರಿಗೆ ಹಕ್ಕುಪತ್ರ ನೀಡಬೇಕು. ಕಬ್ಬು ಬೆಳೆಗಾರರಿಗೆ ವೈಜ್ಞಾನಿಕ ಬೆಲೆ ನಿಗದಿಪಡಿಸಬೇಕು ಎಂದು ಒತ್ತಾಯಿಸಿದರು. ಪ್ರತಿಭಟನೆಯಲ್ಲಿ ಜಿಲ್ಲೆಯ ಎಲ್ಲ ತಾಲೂಕುಗಳಿಂದ ಸಾವಿರಾರು ರೈತರು ಪಾಲ್ಗೊಳ್ಳಲಿದ್ದಾರೆ. ಗೋಷ್ಠಿಯಲ್ಲಿ ಸಂಘದ ಪದಾಧಿಕಾರಿಗಳು ಉಪಸ್ಥಿತರಿದ್ದರು. ಜಿಲ್ಲಾ ಕಾರ್ಯದರ್ಶಿ, ಖಜಾಂಚಿ ಹಾಗೂ ಮುಖಂಡರು ಹಾಜರಿದ್ದರು.
ರೈತರ ಭೂಮಿಗೆ ಧಕ್ಕೆ
ಬಲವಂತ ಭೂಸ್ವಾಧೀನದಿಂದ ರೈತರ ಬದುಕು ಬೀದಿಗೆ ಬೀಳುತ್ತಿದೆ. ಕೃಷಿ ಭೂಮಿ ಉಳಿಸಿಕೊಳ್ಳಲು ಹೋರಾಟ ಅನಿವಾರ್ಯವಾಗಿದೆ. ಸರ್ಕಾರ ರೈತ ವಿರೋಧಿ ಧೋರಣೆಯನ್ನು ಕೈಬಿಡಬೇಕು ಎಂದು ಒತ್ತಾಯಿಸಲಾಗಿದೆ.
ಕರ್ನಾಟಕ ಪ್ರಾಂತ ರೈತ ಸಂಘ, ಕೃಷಿ ಕೂಲಿಕಾರರ ಸಂಘ ಹಾಗೂ ವಿವಿಧ ಸಂಘಟನೆಗಳ ನೇತೃತ್ವದಲ್ಲಿ ಫೆ.10ರಂದು ವಿಧಾನಸೌಧ ಚಲೋ ಪ್ರತಿಭಟನೆ ನಡೆಸಲಾಗುವುದು ಎಂದು ಸಂಘದ ಜಿಲ್ಲಾ ಅಧ್ಯಕ್ಷರು ತಿಳಿಸಿದರು. ಸುದ್ದಿಗೋಷ್ಠಿಯಲ್ಲಿ ಮಾತನಾಡಿದ ಅವರು, ರಾಜ್ಯ ಸರ್ಕಾರ ಕೈಗಾರಿಕೆ ಹಾಗೂ ವಿವಿಧ ಯೋಜನೆಗಳ ಹೆಸರಿನಲ್ಲಿ ರೈತರ ಫಲವತ್ತಾದ ಕೃಷಿ ಭೂಮಿಯನ್ನು ಬಲವಂತವಾಗಿ ಸ್ವಾಧೀನಪಡಿಸಿಕೊಳ್ಳುತ್ತಿದೆ. ಇದರಿಂದ ಸಾವಿರಾರು ರೈತ ಕುಟುಂಬಗಳು ಬೀದಿಗೆ ಬೀಳುವಂತಾಗಿದೆ. ಭೂ ಸುಧಾರಣಾ ಕಾಯ್ದೆ ತಿದ್ದುಪಡಿ ವಾಪಸ್ ಪಡೆಯಬೇಕು. ಬಗರ್ ಹುಕುಂ ಸಾಗುವಳಿದಾರರಿಗೆ ಹಕ್ಕುಪತ್ರ ನೀಡಬೇಕು. ಕಬ್ಬು ಬೆಳೆಗಾರರಿಗೆ ವೈಜ್ಞಾನಿಕ ಬೆಲೆ ನಿಗದಿಪಡಿಸಬೇಕು ಎಂದು ಒತ್ತಾಯಿಸಿದರು. ಪ್ರತಿಭಟನೆಯಲ್ಲಿ ಜಿಲ್ಲೆಯ ಎಲ್ಲ ತಾಲೂಕುಗಳಿಂದ ಸಾವಿರಾರು ರೈತರು ಪಾಲ್ಗೊಳ್ಳಲಿದ್ದಾರೆ. ಗೋಷ್ಠಿಯಲ್ಲಿ ಸಂಘದ ಪದಾಧಿಕಾರಿಗಳು ಉಪಸ್ಥಿತರಿದ್ದರು. ಜಿಲ್ಲಾ ಕಾರ್ಯದರ್ಶಿ, ಖಜಾಂಚಿ ಹಾಗೂ ಮುಖಂಡರು ಹಾಜರಿದ್ದರು.
ಕರ್ನಾಟಕ ಪ್ರಾಂತ ರೈತ ಸಂಘ, ಕೃಷಿ ಕೂಲಿಕಾರರ ಸಂಘ ಹಾಗೂ ವಿವಿಧ ಸಂಘಟನೆಗಳ ನೇತೃತ್ವದಲ್ಲಿ ಫೆ.10ರಂದು ವಿಧಾನಸೌಧ ಚಲೋ ಪ್ರತಿಭಟನೆ ನಡೆಸಲಾಗುವುದು ಎಂದು ಸಂಘದ ಜಿಲ್ಲಾ ಅಧ್ಯಕ್ಷರು ತಿಳಿಸಿದರು. ಸುದ್ದಿಗೋಷ್ಠಿಯಲ್ಲಿ ಮಾತನಾಡಿದ ಅವರು, ರಾಜ್ಯ ಸರ್ಕಾರ ಕೈಗಾರಿಕೆ ಹಾಗೂ ವಿವಿಧ ಯೋಜನೆಗಳ ಹೆಸರಿನಲ್ಲಿ ರೈತರ ಫಲವತ್ತಾದ ಕೃಷಿ ಭೂಮಿಯನ್ನು ಬಲವಂತವಾಗಿ ಸ್ವಾಧೀನಪಡಿಸಿಕೊಳ್ಳುತ್ತಿದೆ. ಇದರಿಂದ ಸಾವಿರಾರು ರೈತ ಕುಟುಂಬಗಳು ಬೀದಿಗೆ ಬೀಳುವಂತಾಗಿದೆ. ಭೂ ಸುಧಾರಣಾ ಕಾಯ್ದೆ ತಿದ್ದುಪಡಿ ವಾಪಸ್ ಪಡೆಯಬೇಕು. ಬಗರ್ ಹುಕುಂ ಸಾಗುವಳಿದಾರರಿಗೆ ಹಕ್ಕುಪತ್ರ ನೀಡಬೇಕು. ಕಬ್ಬು ಬೆಳೆಗಾರರಿಗೆ ವೈಜ್ಞಾನಿಕ ಬೆಲೆ ನಿಗದಿಪಡಿಸಬೇಕು ಎಂದು ಒತ್ತಾಯಿಸಿದರು. ಪ್ರತಿಭಟನೆಯಲ್ಲಿ ಜಿಲ್ಲೆಯ ಎಲ್ಲ ತಾಲೂಕುಗಳಿಂದ ಸಾವಿರಾರು ರೈತರು ಪಾಲ್ಗೊಳ್ಳಲಿದ್ದಾರೆ. ಗೋಷ್ಠಿಯಲ್ಲಿ ಸಂಘದ ಪದಾಧಿಕಾರಿಗಳು ಉಪಸ್ಥಿತರಿದ್ದರು. ಜಿಲ್ಲಾ ಕಾರ್ಯದರ್ಶಿ, ಖಜಾಂಚಿ ಹಾಗೂ ಮುಖಂಡರು ಹಾಜರಿದ್ದರು.
ಕರ್ನಾಟಕ ಪ್ರಾಂತ ರೈತ ಸಂಘ, ಕೃಷಿ ಕೂಲಿಕಾರರ ಸಂಘ ಹಾಗೂ ವಿವಿಧ ಸಂಘಟನೆಗಳ ನೇತೃತ್ವದಲ್ಲಿ ಫೆ.10ರಂದು ವಿಧಾನಸೌಧ ಚಲೋ ಪ್ರತಿಭಟನೆ ನಡೆಸಲಾಗುವುದು ಎಂದು ಸಂಘದ ಜಿಲ್ಲಾ ಅಧ್ಯಕ್ಷರು ತಿಳಿಸಿದರು. ಸುದ್ದಿಗೋಷ್ಠಿಯಲ್ಲಿ ಮಾತನಾಡಿದ ಅವರು, ರಾಜ್ಯ ಸರ್ಕಾರ ಕೈಗಾರಿಕೆ ಹಾಗೂ ವಿವಿಧ ಯೋಜನೆಗಳ ಹೆಸರಿನಲ್ಲಿ ರೈತರ ಫಲವತ್ತಾದ ಕೃಷಿ ಭೂಮಿಯನ್ನು ಬಲವಂತವಾಗಿ ಸ್ವಾಧೀನಪಡಿಸಿಕೊಳ್ಳುತ್ತಿದೆ. ಇದರಿಂದ ಸಾವಿರಾರು ರೈತ ಕುಟುಂಬಗಳು ಬೀದಿಗೆ ಬೀಳುವಂತಾಗಿದೆ. ಭೂ ಸುಧಾರಣಾ ಕಾಯ್ದೆ ತಿದ್ದುಪಡಿ ವಾಪಸ್ ಪಡೆಯಬೇಕು. ಬಗರ್ ಹುಕುಂ ಸಾಗುವಳಿದಾರರಿಗೆ ಹಕ್ಕುಪತ್ರ ನೀಡಬೇಕು. ಕಬ್ಬು ಬೆಳೆಗಾರರಿಗೆ ವೈಜ್ಞಾನಿಕ ಬೆಲೆ ನಿಗದಿಪಡಿಸಬೇಕು ಎಂದು ಒತ್ತಾಯಿಸಿದರು. ಪ್ರತಿಭಟನೆಯಲ್ಲಿ ಜಿಲ್ಲೆಯ ಎಲ್ಲ ತಾಲೂಕುಗಳಿಂದ ಸಾವಿರಾರು ರೈತರು ಪಾಲ್ಗೊಳ್ಳಲಿದ್ದಾರೆ. ಗೋಷ್ಠಿಯಲ್ಲಿ ಸಂಘದ ಪದಾಧಿಕಾರಿಗಳು ಉಪಸ್ಥಿತರಿದ್ದರು. ಜಿಲ್ಲಾ ಕಾರ್ಯದರ್ಶಿ, ಖಜಾಂಚಿ ಹಾಗೂ ಮುಖಂಡರು ಹಾಜರಿದ್ದರು.
